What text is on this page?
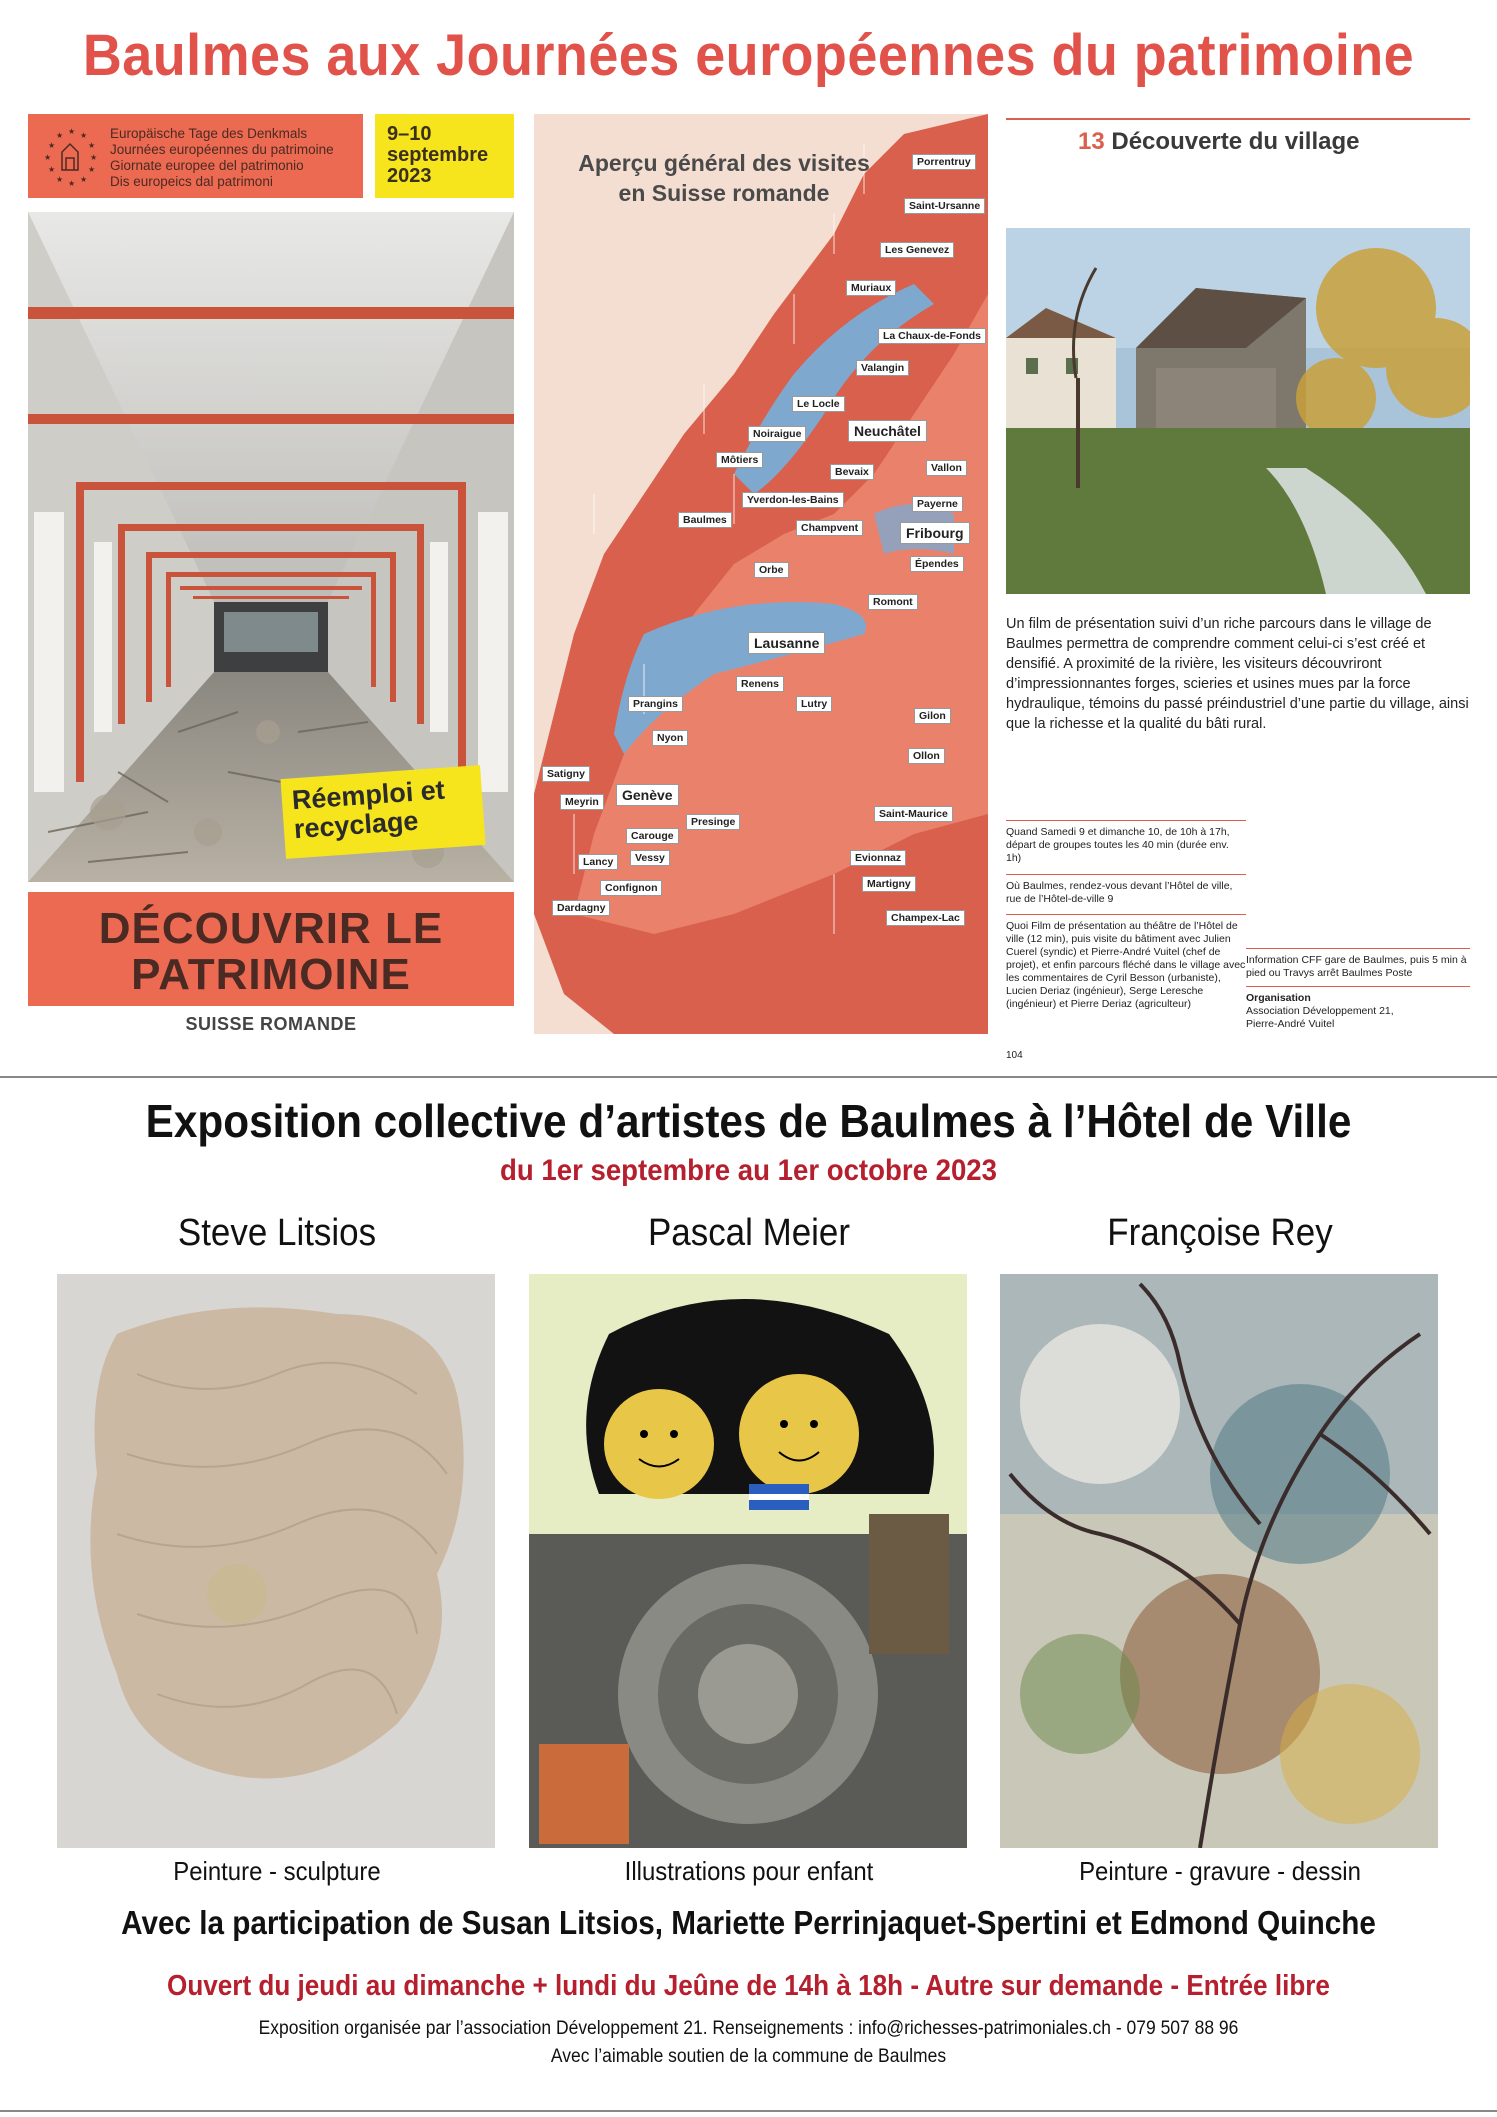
Baulmes aux Journées européennes du patrimoine
★ ★
★
★
★
★
★
★
★
★
★
★	Europäische Tage des Denkmals
Journées européennes du patrimoine
Giornate europee del patrimonio
Dis europeics dal patrimoni
9–10
septembre
2023
Réemploi et
recyclage
DÉCOUVRIR LE
PATRIMOINE
SUISSE ROMANDE
Aperçu général des visites
en Suisse romande
Porrentruy
Saint-Ursanne
Les Genevez
Muriaux
La Chaux-de-Fonds
Valangin
Le Locle
Noiraigue	Neuchâtel
Môtiers
Bevaix	Vallon
Yverdon-les-Bains	Payerne
Baulmes
Champvent	Fribourg
Épendes
Orbe
Romont
Lausanne
Renens
Lutry
Prangins
Gilon
Nyon
Ollon
Satigny
Genève
Meyrin
Presinge
Saint-Maurice
Carouge
Vessy
Lancy	Evionnaz
Confignon	Martigny
Dardagny
Champex-Lac
13 Découverte du village
Un film de présentation suivi d’un riche parcours dans le village de Baulmes permettra de comprendre comment celui-ci s’est créé et densifié. A proximité de la rivière, les visiteurs découvriront d’impressionnantes forges, scieries et usines mues par la force hydraulique, témoins du passé préindustriel d’une partie du village, ainsi que la richesse et la qualité du bâti rural.
Quand Samedi 9 et dimanche 10, de 10h à 17h, départ de groupes toutes les 40 min (durée env. 1h)
Où Baulmes, rendez-vous devant l’Hôtel de ville, rue de l’Hôtel-de-ville 9
Quoi Film de présentation au théâtre de l’Hôtel de ville (12 min), puis visite du bâtiment avec Julien Cuerel (syndic) et Pierre-André Vuitel (chef de projet), et enfin parcours fléché dans le village avec les commentaires de Cyril Besson (urbaniste), Lucien Deriaz (ingénieur), Serge Leresche (ingénieur) et Pierre Deriaz (agriculteur)
Information CFF gare de Baulmes, puis 5 min à pied ou Travys arrêt Baulmes Poste
Organisation
Association Développement 21,
Pierre-André Vuitel
104
Exposition collective d’artistes de Baulmes à l’Hôtel de Ville
du 1er septembre au 1er octobre 2023
Steve Litsios	Pascal Meier	Françoise Rey
Peinture - sculpture	Illustrations pour enfant	Peinture - gravure - dessin
Avec la participation de Susan Litsios, Mariette Perrinjaquet-Spertini et Edmond Quinche
Ouvert du jeudi au dimanche + lundi du Jeûne de 14h à 18h - Autre sur demande - Entrée libre
Exposition organisée par l’association Développement 21. Renseignements : info@richesses-patrimoniales.ch - 079 507 88 96
Avec l’aimable soutien de la commune de Baulmes
